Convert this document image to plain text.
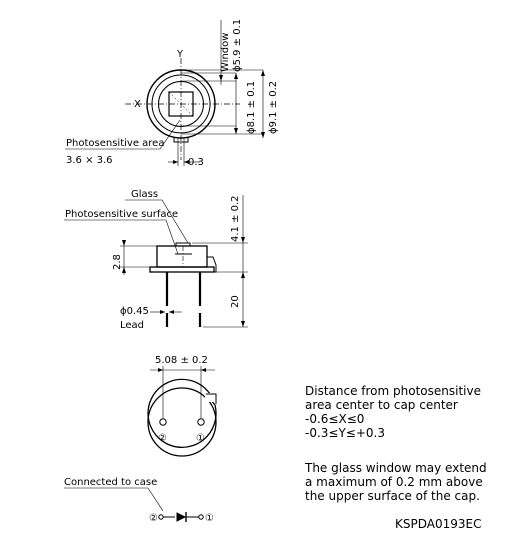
Y
X
Window ϕ5.9 ± 0.1
ϕ8.1 ± 0.1 ϕ9.1 ± 0.2
Photosensitive area
3.6 × 3.6	0.3
Glass
Photosensitive surface	4.1 ± 0.2
2.8
20
ϕ0.45
Lead
5.08 ± 0.2
②	①
Connected to case
②	①
Distance from photosensitive
area center to cap center
-0.6≤X≤0
-0.3≤Y≤+0.3
The glass window may extend
a maximum of 0.2 mm above
the upper surface of the cap.
KSPDA0193EC
